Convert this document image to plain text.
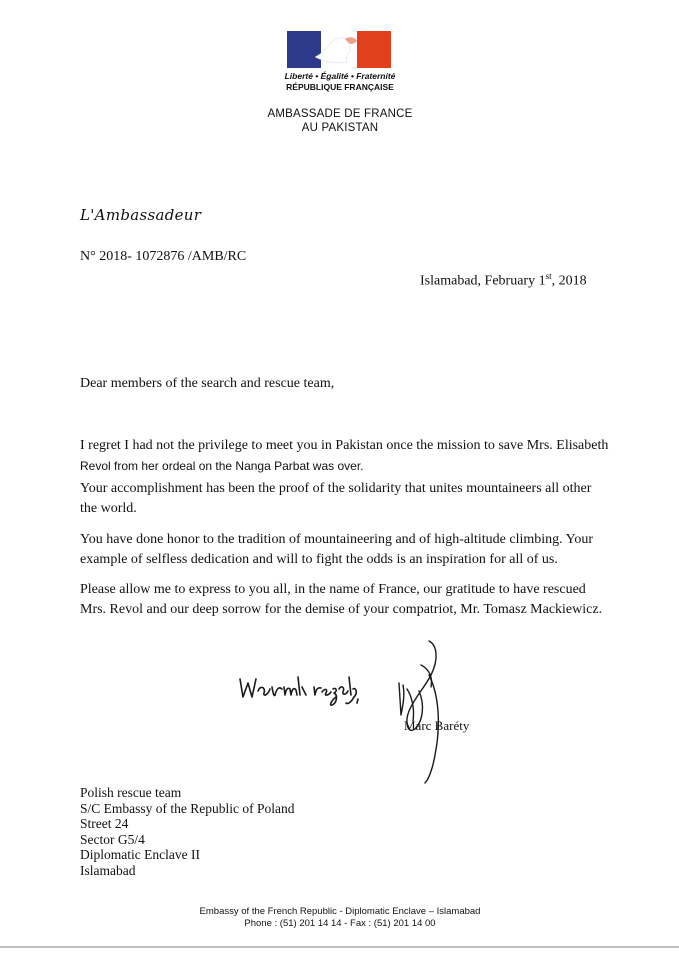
Liberté • Égalité • Fraternité
RÉPUBLIQUE FRANÇAISE
AMBASSADE DE FRANCE
AU PAKISTAN
L'Ambassadeur
N° 2018- 1072876 /AMB/RC
Islamabad, February 1st, 2018
Dear members of the search and rescue team,
I regret I had not the privilege to meet you in Pakistan once the mission to save Mrs. Elisabeth
Revol from her ordeal on the Nanga Parbat was over.
Your accomplishment has been the proof of the solidarity that unites mountaineers all other the world.
You have done honor to the tradition of mountaineering and of high-altitude climbing. Your example of selfless dedication and will to fight the odds is an inspiration for all of us.
Please allow me to express to you all, in the name of France, our gratitude to have rescued Mrs. Revol and our deep sorrow for the demise of your compatriot, Mr. Tomasz Mackiewicz.
Marc Baréty
Polish rescue team
S/C Embassy of the Republic of Poland
Street 24
Sector G5/4
Diplomatic Enclave II
Islamabad
Embassy of the French Republic - Diplomatic Enclave – Islamabad
Phone : (51) 201 14 14 - Fax : (51) 201 14 00
